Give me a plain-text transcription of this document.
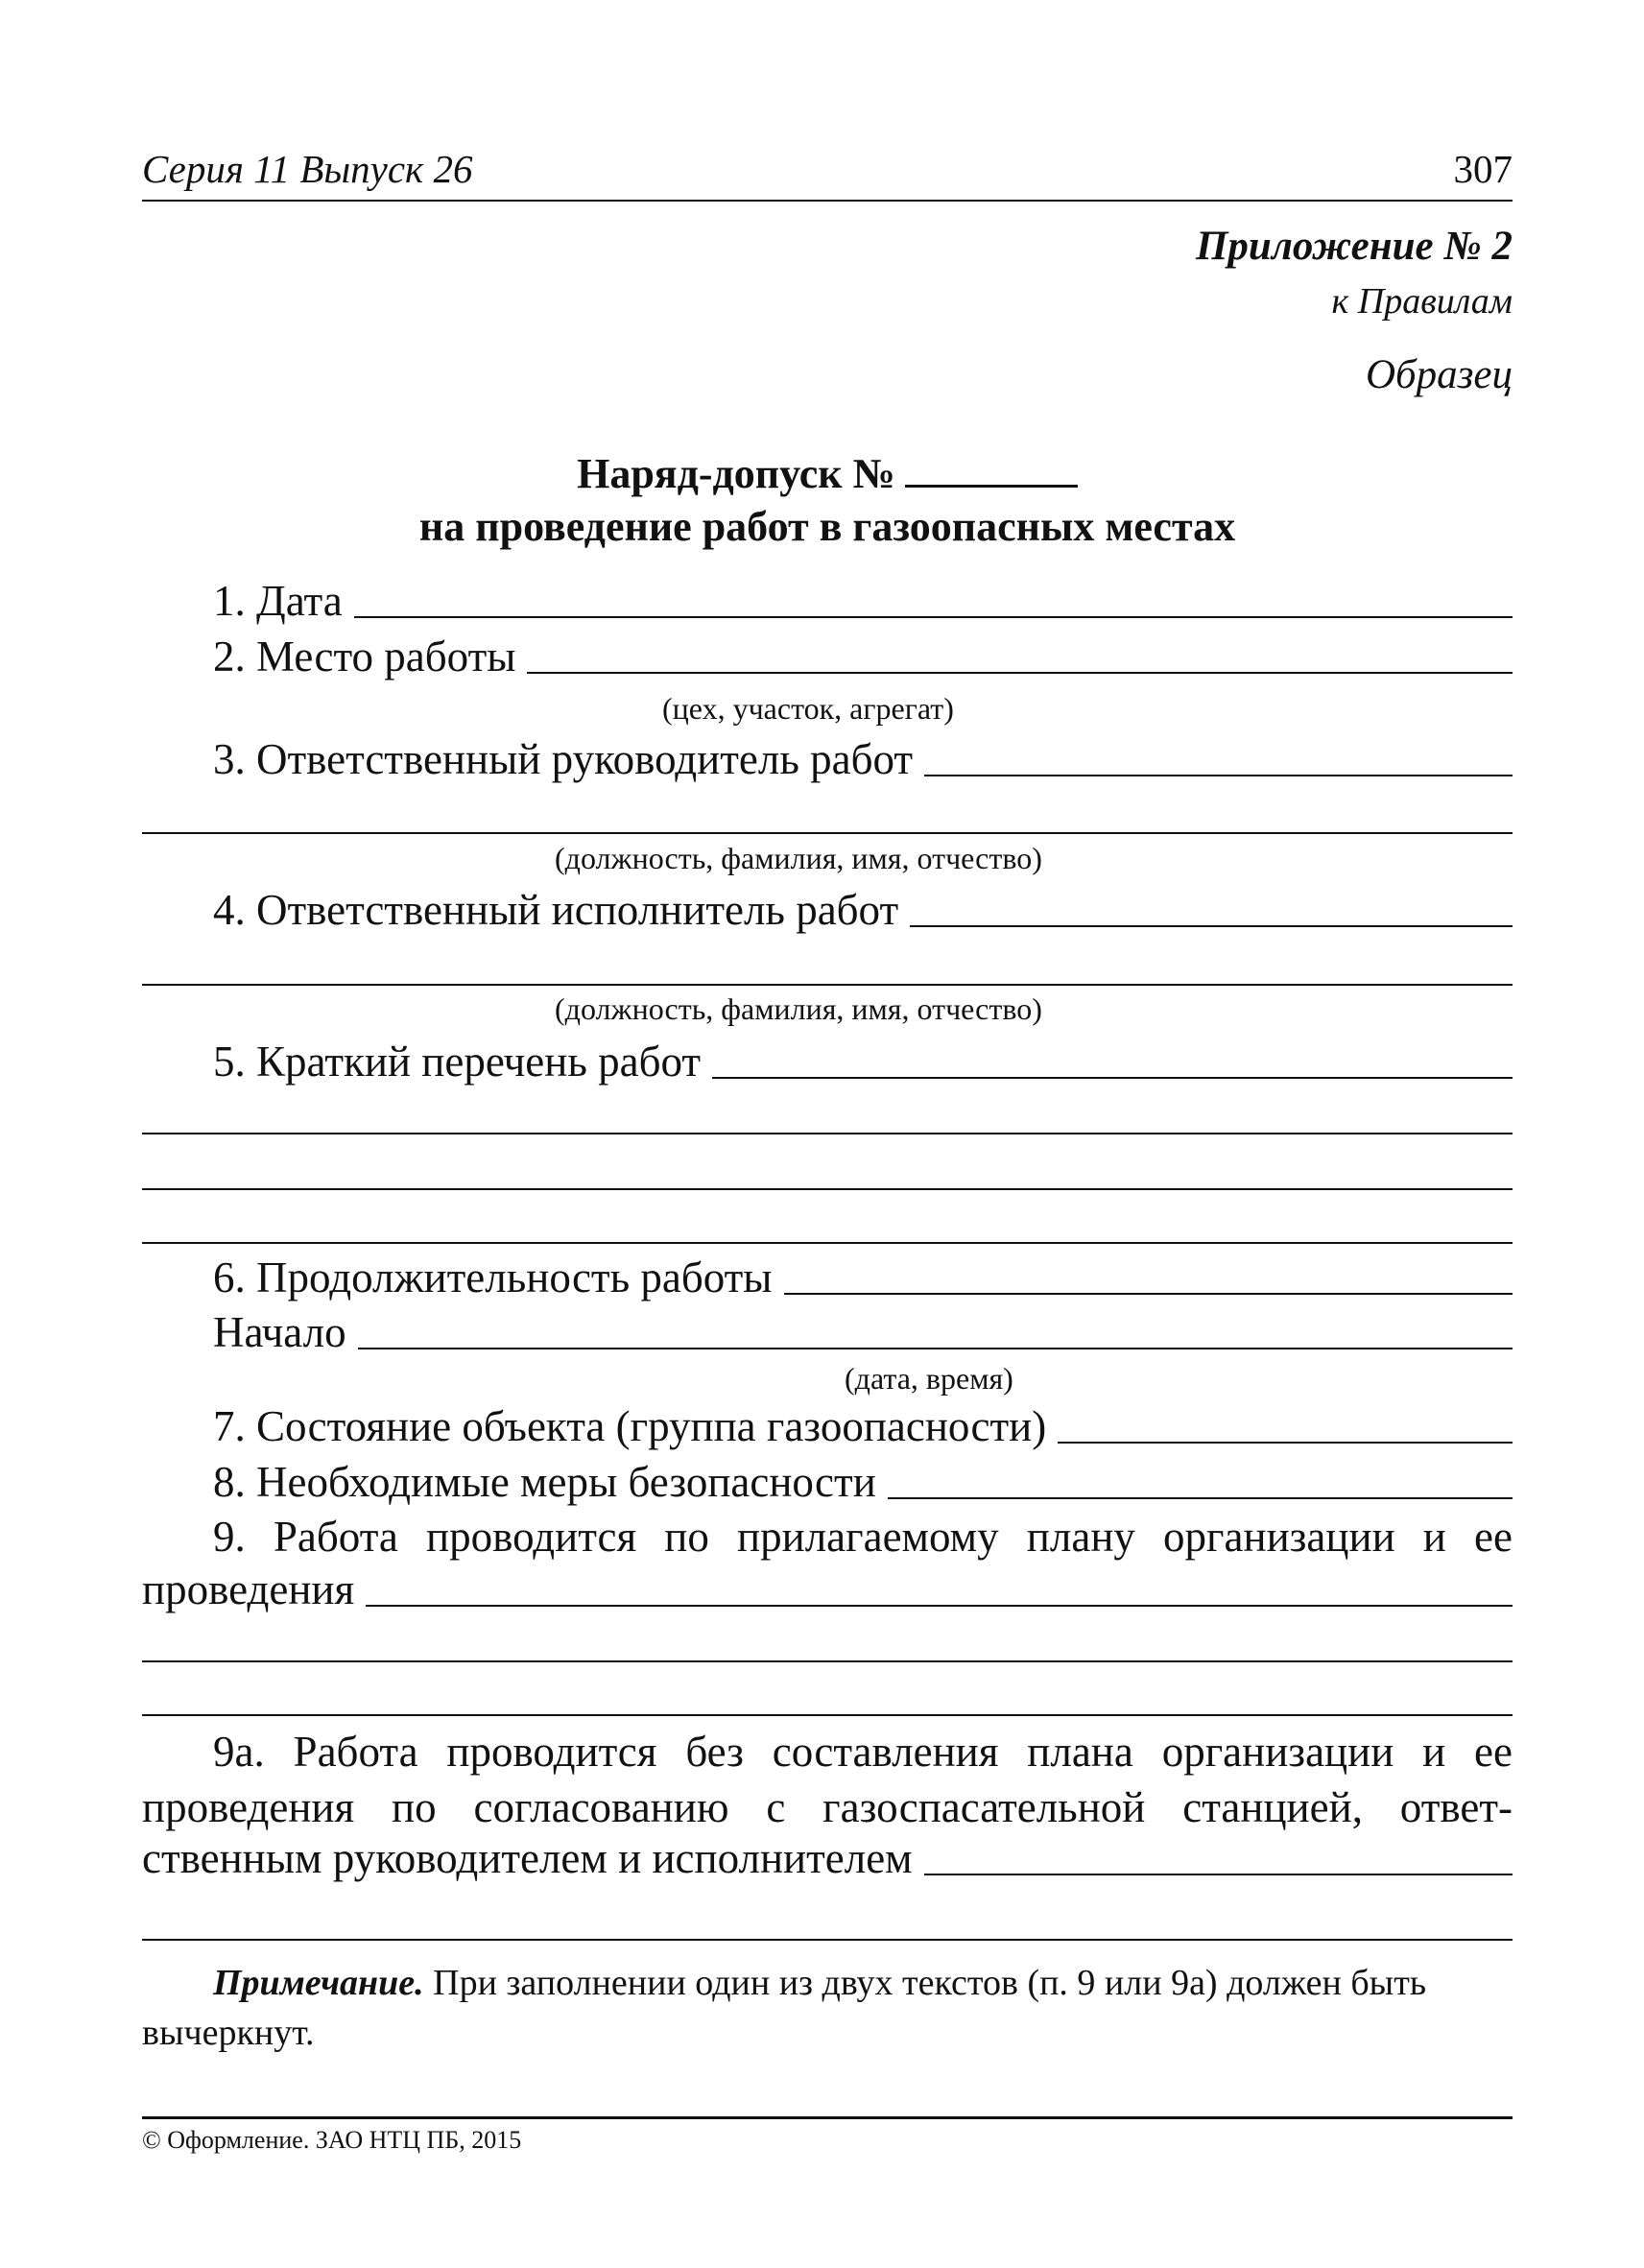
Серия 11 Выпуск 26	307
Приложение № 2
к Правилам
Образец
Наряд-допуск №
на проведение работ в газоопасных местах
1. Дата
2. Место работы
(цех, участок, агрегат)
3. Ответственный руководитель работ
(должность, фамилия, имя, отчество)
4. Ответственный исполнитель работ
(должность, фамилия, имя, отчество)
5. Краткий перечень работ
6. Продолжительность работы
Начало
(дата, время)
7. Состояние объекта (группа газоопасности)
8. Необходимые меры безопасности
9. Работа проводится по прилагаемому плану организации и ее
проведения
9а. Работа проводится без составления плана организации и ее
проведения по согласованию с газоспасательной станцией, ответ-
ственным руководителем и исполнителем
Примечание. При заполнении один из двух текстов (п. 9 или 9а) должен быть вычеркнут.
© Оформление. ЗАО НТЦ ПБ, 2015
